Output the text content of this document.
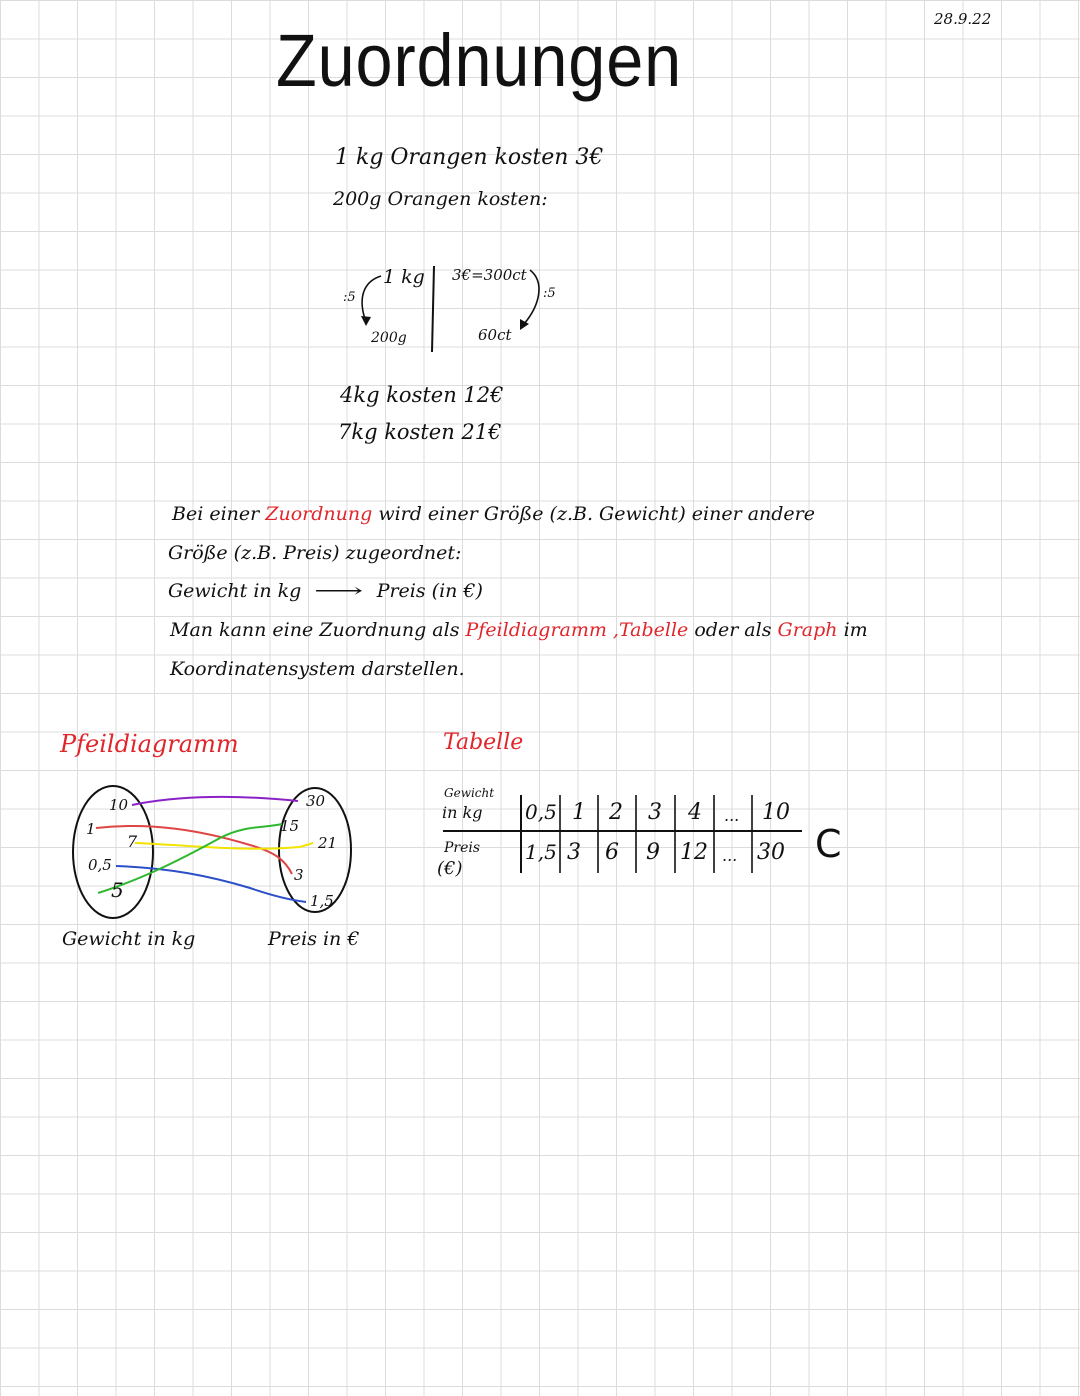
28.9.22
Zuordnungen
1 kg Orangen kosten 3€
200g Orangen kosten:
1 kg
200g
:5
3€=300ct
60ct
:5
4kg kosten 12€
7kg kosten 21€
Bei einer Zuordnung wird einer Größe (z.B. Gewicht) einer andere
Größe (z.B. Preis) zugeordnet:
Gewicht in kg ⟶ Preis (in €)
Man kann eine Zuordnung als Pfeildiagramm ,Tabelle oder als Graph im
Koordinatensystem darstellen.
Pfeildiagramm	Tabelle
10
1
7
0,5
5
30
15
21
3
1,5
Gewicht in kg	Preis in €
Gewicht
in kg
Preis
(€)
0,5 1 2 3 4 ... 10
1,5 3 6 9 12 ... 30 C
